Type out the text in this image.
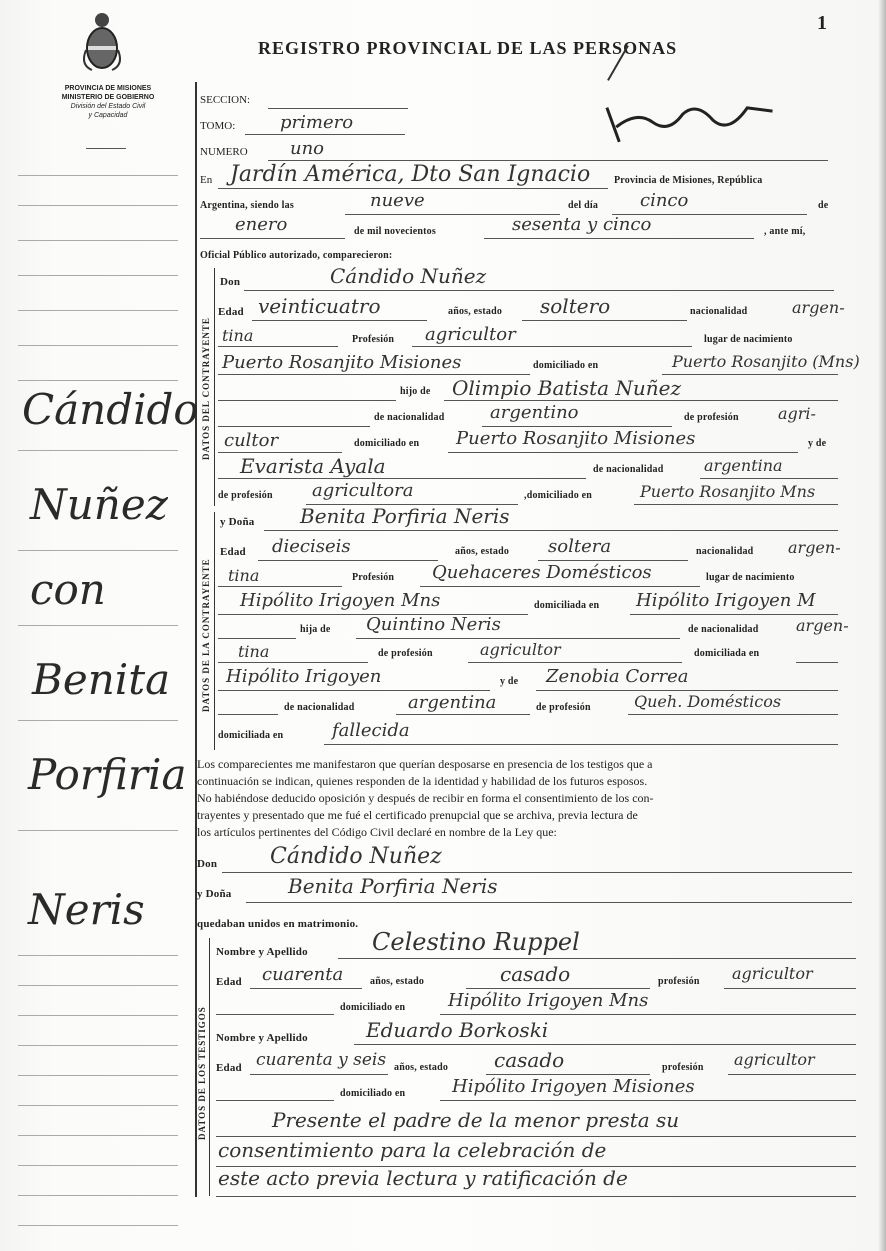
1
PROVINCIA DE MISIONES
MINISTERIO DE GOBIERNO
División del Estado Civil
y Capacidad
REGISTRO PROVINCIAL DE LAS PERSONAS
Cándido
Nuñez
con
Benita
Porfiria
Neris
SECCION:
TOMO: primero
NUMERO uno
En Jardín América, Dto San Ignacio Provincia de Misiones, República
Argentina, siendo las	nueve	del día cinco	de
enero	de mil novecientos	sesenta y cinco	, ante mí,
Oficial Público autorizado, comparecieron:
DATOS DEL CONTRAYENTE
Don	Cándido Nuñez
Edad veinticuatro	años, estado soltero	nacionalidad	argen-
tina	Profesión agricultor	lugar de nacimiento
Puerto Rosanjito Misiones	domiciliado en	Puerto Rosanjito (Mns)
hijo de Olimpio Batista Nuñez
de nacionalidad	argentino	de profesión agri-
cultor	domiciliado en Puerto Rosanjito Misiones	y de
Evarista Ayala	de nacionalidad	argentina
de profesión agricultora	,domiciliado en	Puerto Rosanjito Mns
DATOS DE LA CONTRAYENTE
y Doña Benita Porfiria Neris
Edad dieciseis	años, estado soltera	nacionalidad argen-
tina	Profesión Quehaceres Domésticos	lugar de nacimiento
Hipólito Irigoyen Mns	domiciliada en Hipólito Irigoyen M
hija de Quintino Neris	de nacionalidad argen-
tina	de profesión	agricultor	domiciliada en
Hipólito Irigoyen	y de Zenobia Correa
de nacionalidad	argentina	de profesión	Queh. Domésticos
domiciliada en	fallecida
Los comparecientes me manifestaron que querían desposarse en presencia de los testigos que a
continuación se indican, quienes responden de la identidad y habilidad de los futuros esposos.
No habiéndose deducido oposición y después de recibir en forma el consentimiento de los con-
trayentes y presentado que me fué el certificado prenupcial que se archiva, previa lectura de
los artículos pertinentes del Código Civil declaré en nombre de la Ley que:
Don Cándido Nuñez
y Doña	Benita Porfiria Neris
quedaban unidos en matrimonio.
DATOS DE LOS TESTIGOS
Nombre y Apellido	Celestino Ruppel
Edad cuarenta	años, estado	casado	profesión agricultor
domiciliado en Hipólito Irigoyen Mns
Nombre y Apellido	Eduardo Borkoski
Edad cuarenta y seis años, estado casado	profesión agricultor
domiciliado en	Hipólito Irigoyen Misiones
Presente el padre de la menor presta su
consentimiento para la celebración de
este acto previa lectura y ratificación de
